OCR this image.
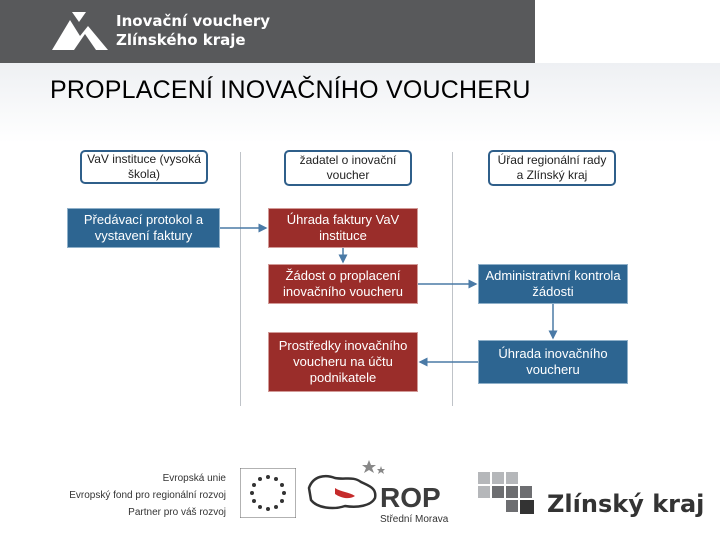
Inovační vouchery
Zlínského kraje
PROPLACENÍ INOVAČNÍHO VOUCHERU
VaV instituce (vysoká škola)
žadatel o inovační voucher
Úřad regionální rady a Zlínský kraj
Předávací protokol a vystavení faktury
Úhrada faktury VaV instituce
Žádost o proplacení inovačního voucheru
Administrativní kontrola žádosti
Prostředky inovačního voucheru na účtu podnikatele
Úhrada inovačního voucheru
Evropská unie
Evropský fond pro regionální rozvoj
Partner pro váš rozvoj	ROP
Střední Morava
Zlínský kraj
